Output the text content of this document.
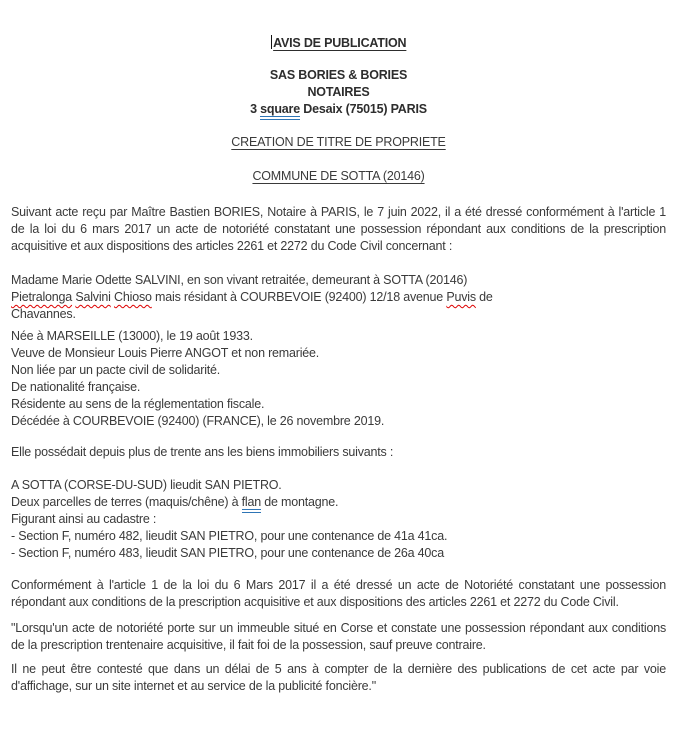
AVIS DE PUBLICATION
SAS BORIES & BORIES
NOTAIRES
3 square Desaix (75015) PARIS
CREATION DE TITRE DE PROPRIETE
COMMUNE DE SOTTA (20146)

Suivant acte reçu par Maître Bastien BORIES, Notaire à PARIS, le 7 juin 2022, il a été dressé conformément à l'article 1 de la loi du 6 mars 2017 un acte de notoriété constatant une possession répondant aux conditions de la prescription acquisitive et aux dispositions des articles 2261 et 2272 du Code Civil concernant :

Madame Marie Odette SALVINI, en son vivant retraitée, demeurant à SOTTA (20146)
Pietralonga Salvini Chioso mais résidant à COURBEVOIE (92400) 12/18 avenue Puvis de
Chavannes.
Née à MARSEILLE (13000), le 19 août 1933.
Veuve de Monsieur Louis Pierre ANGOT et non remariée.
Non liée par un pacte civil de solidarité.
De nationalité française.
Résidente au sens de la réglementation fiscale.
Décédée à COURBEVOIE (92400) (FRANCE), le 26 novembre 2019.

Elle possédait depuis plus de trente ans les biens immobiliers suivants :

A SOTTA (CORSE-DU-SUD) lieudit SAN PIETRO.
Deux parcelles de terres (maquis/chêne) à flan de montagne.
Figurant ainsi au cadastre :
- Section F, numéro 482, lieudit SAN PIETRO, pour une contenance de 41a 41ca.
- Section F, numéro 483, lieudit SAN PIETRO, pour une contenance de 26a 40ca

Conformément à l'article 1 de la loi du 6 Mars 2017 il a été dressé un acte de Notoriété constatant une possession répondant aux conditions de la prescription acquisitive et aux dispositions des articles 2261 et 2272 du Code Civil.

"Lorsqu'un acte de notoriété porte sur un immeuble situé en Corse et constate une possession répondant aux conditions de la prescription trentenaire acquisitive, il fait foi de la possession, sauf preuve contraire.

Il ne peut être contesté que dans un délai de 5 ans à compter de la dernière des publications de cet acte par voie d'affichage, sur un site internet et au service de la publicité foncière."
